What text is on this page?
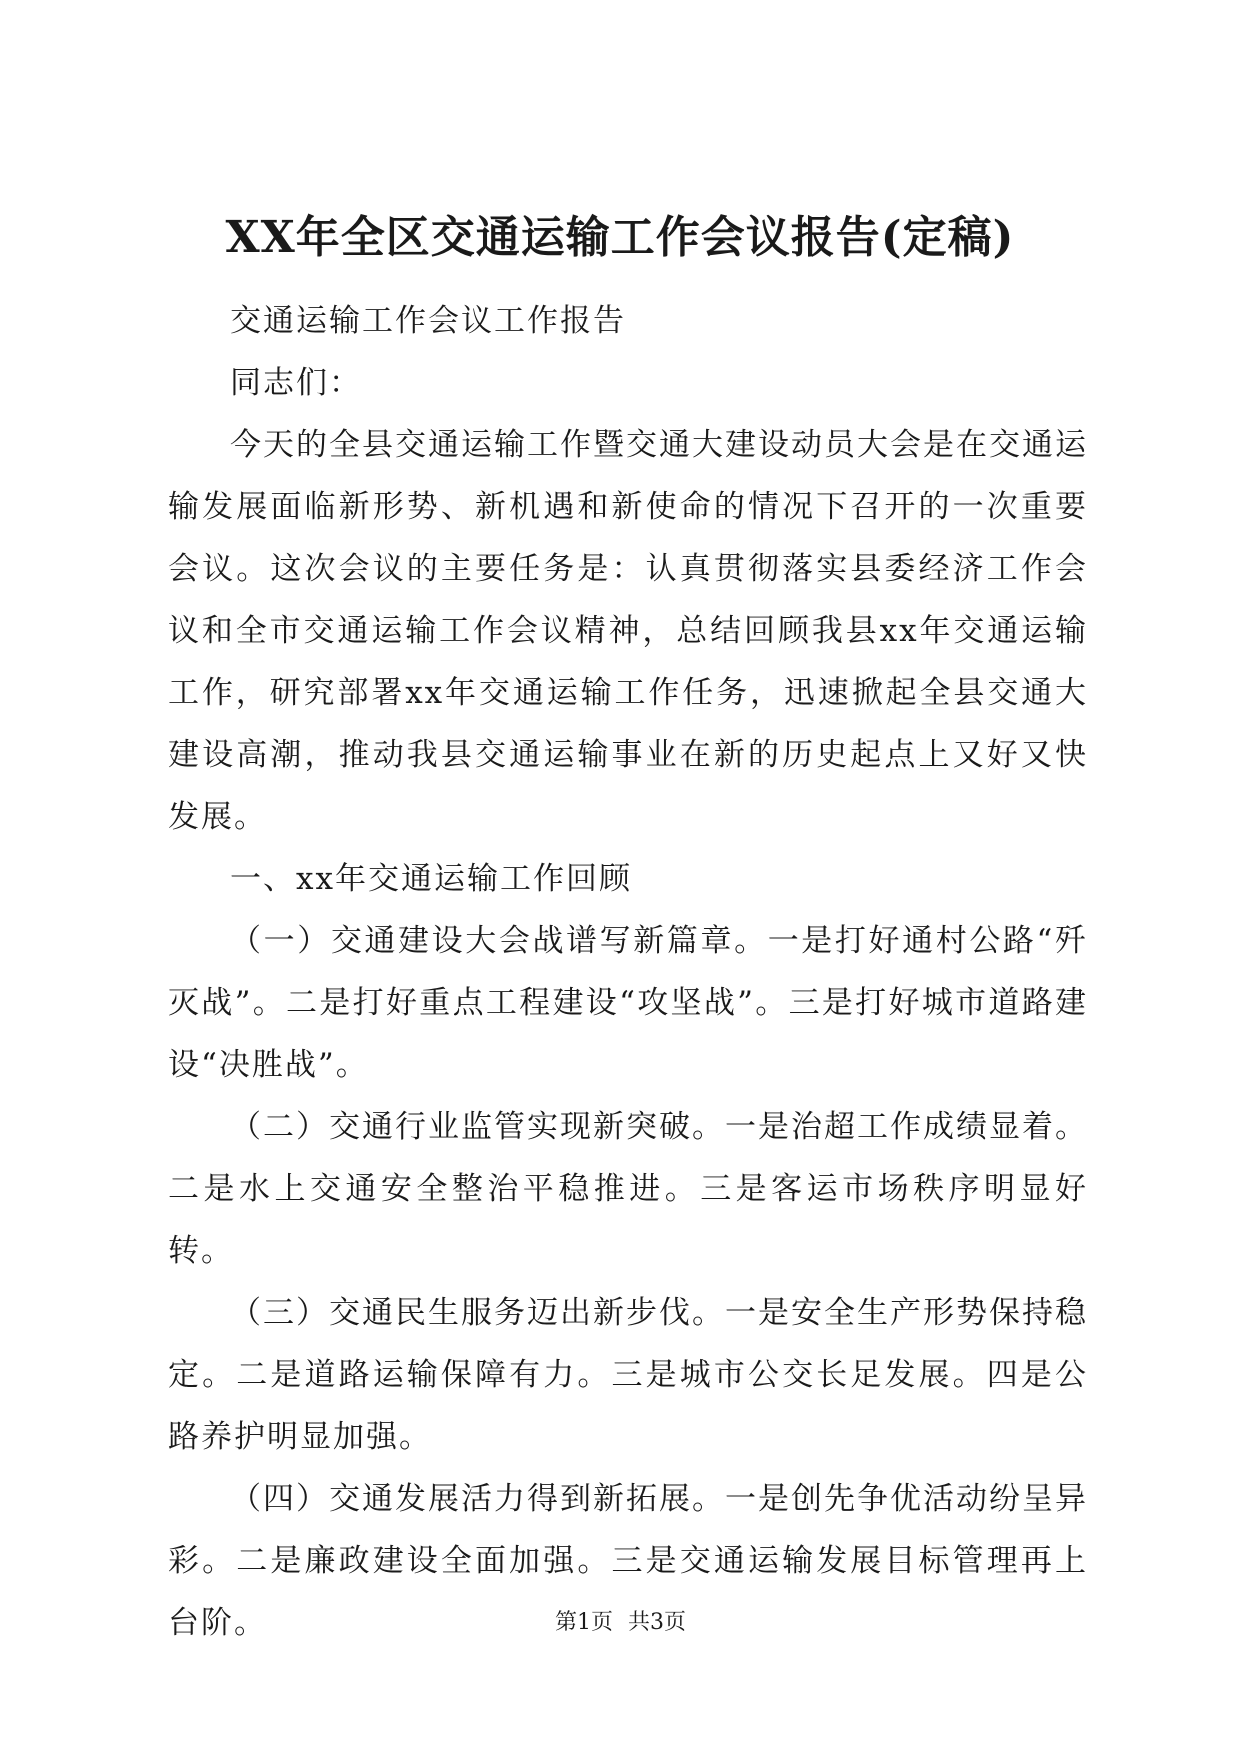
XX年全区交通运输工作会议报告(定稿)

交通运输工作会议工作报告

同志们：

今天的全县交通运输工作暨交通大建设动员大会是在交通运输发展面临新形势、新机遇和新使命的情况下召开的一次重要会议。这次会议的主要任务是：认真贯彻落实县委经济工作会议和全市交通运输工作会议精神，总结回顾我县xx年交通运输工作，研究部署xx年交通运输工作任务，迅速掀起全县交通大建设高潮，推动我县交通运输事业在新的历史起点上又好又快发展。

一、xx年交通运输工作回顾

（一）交通建设大会战谱写新篇章。一是打好通村公路“歼灭战”。二是打好重点工程建设“攻坚战”。三是打好城市道路建设“决胜战”。

（二）交通行业监管实现新突破。一是治超工作成绩显着。二是水上交通安全整治平稳推进。三是客运市场秩序明显好转。

（三）交通民生服务迈出新步伐。一是安全生产形势保持稳定。二是道路运输保障有力。三是城市公交长足发展。四是公路养护明显加强。

（四）交通发展活力得到新拓展。一是创先争优活动纷呈异彩。二是廉政建设全面加强。三是交通运输发展目标管理再上台阶。	第1页 共3页
